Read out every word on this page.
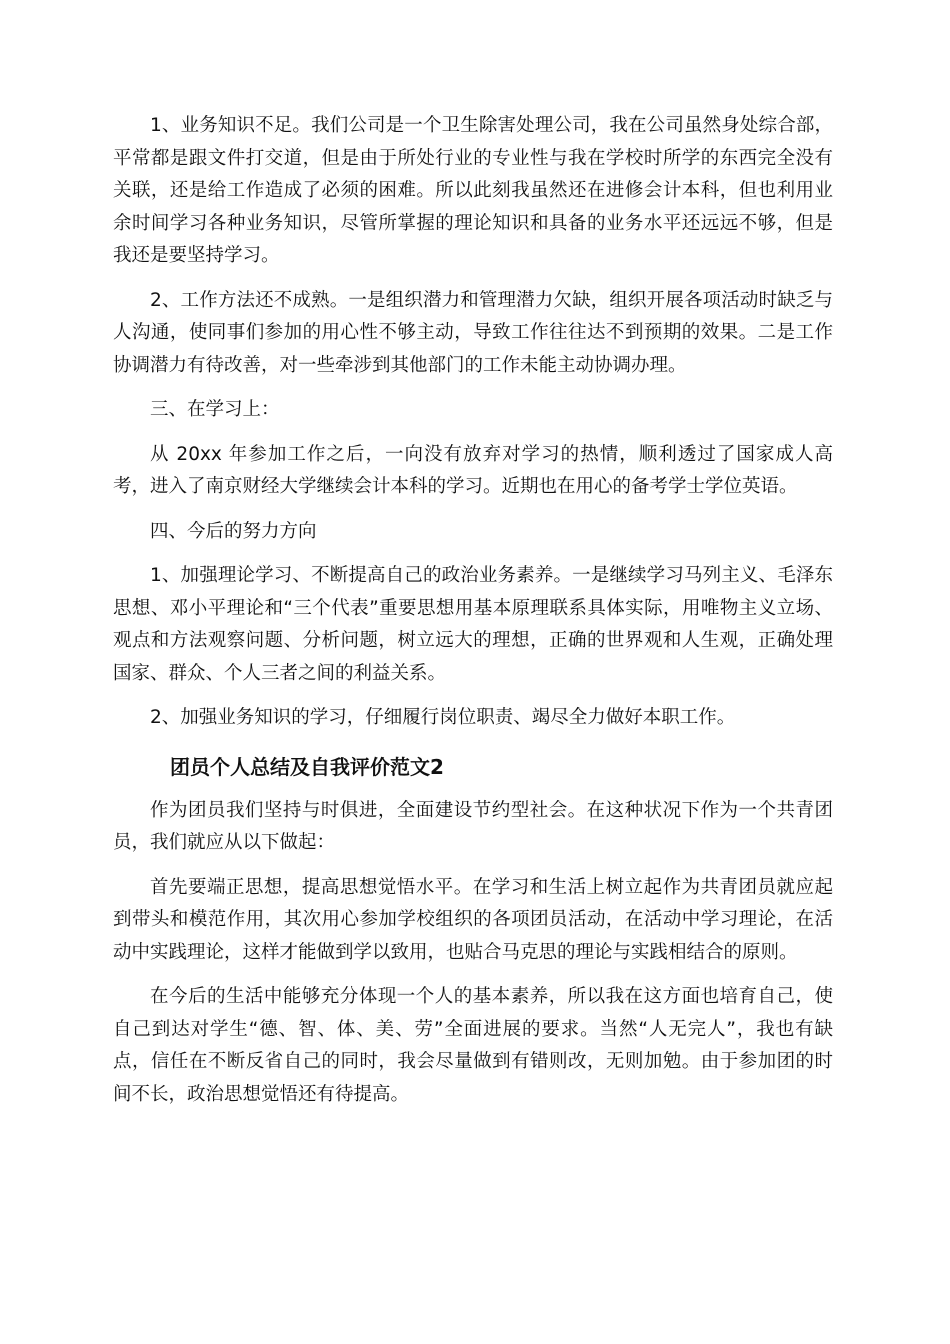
1、业务知识不足。我们公司是一个卫生除害处理公司，我在公司虽然身处综合部，平常都是跟文件打交道，但是由于所处行业的专业性与我在学校时所学的东西完全没有关联，还是给工作造成了必须的困难。所以此刻我虽然还在进修会计本科，但也利用业余时间学习各种业务知识，尽管所掌握的理论知识和具备的业务水平还远远不够，但是我还是要坚持学习。

2、工作方法还不成熟。一是组织潜力和管理潜力欠缺，组织开展各项活动时缺乏与人沟通，使同事们参加的用心性不够主动，导致工作往往达不到预期的效果。二是工作协调潜力有待改善，对一些牵涉到其他部门的工作未能主动协调办理。

三、在学习上：

从 20xx 年参加工作之后，一向没有放弃对学习的热情，顺利透过了国家成人高考，进入了南京财经大学继续会计本科的学习。近期也在用心的备考学士学位英语。

四、今后的努力方向

1、加强理论学习、不断提高自己的政治业务素养。一是继续学习马列主义、毛泽东思想、邓小平理论和“三个代表”重要思想用基本原理联系具体实际，用唯物主义立场、观点和方法观察问题、分析问题，树立远大的理想，正确的世界观和人生观，正确处理国家、群众、个人三者之间的利益关系。

2、加强业务知识的学习，仔细履行岗位职责、竭尽全力做好本职工作。

团员个人总结及自我评价范文2

作为团员我们坚持与时俱进，全面建设节约型社会。在这种状况下作为一个共青团员，我们就应从以下做起：

首先要端正思想，提高思想觉悟水平。在学习和生活上树立起作为共青团员就应起到带头和模范作用，其次用心参加学校组织的各项团员活动，在活动中学习理论，在活动中实践理论，这样才能做到学以致用，也贴合马克思的理论与实践相结合的原则。

在今后的生活中能够充分体现一个人的基本素养，所以我在这方面也培育自己，使自己到达对学生“德、智、体、美、劳”全面进展的要求。当然“人无完人”，我也有缺点，信任在不断反省自己的同时，我会尽量做到有错则改，无则加勉。由于参加团的时间不长，政治思想觉悟还有待提高。
